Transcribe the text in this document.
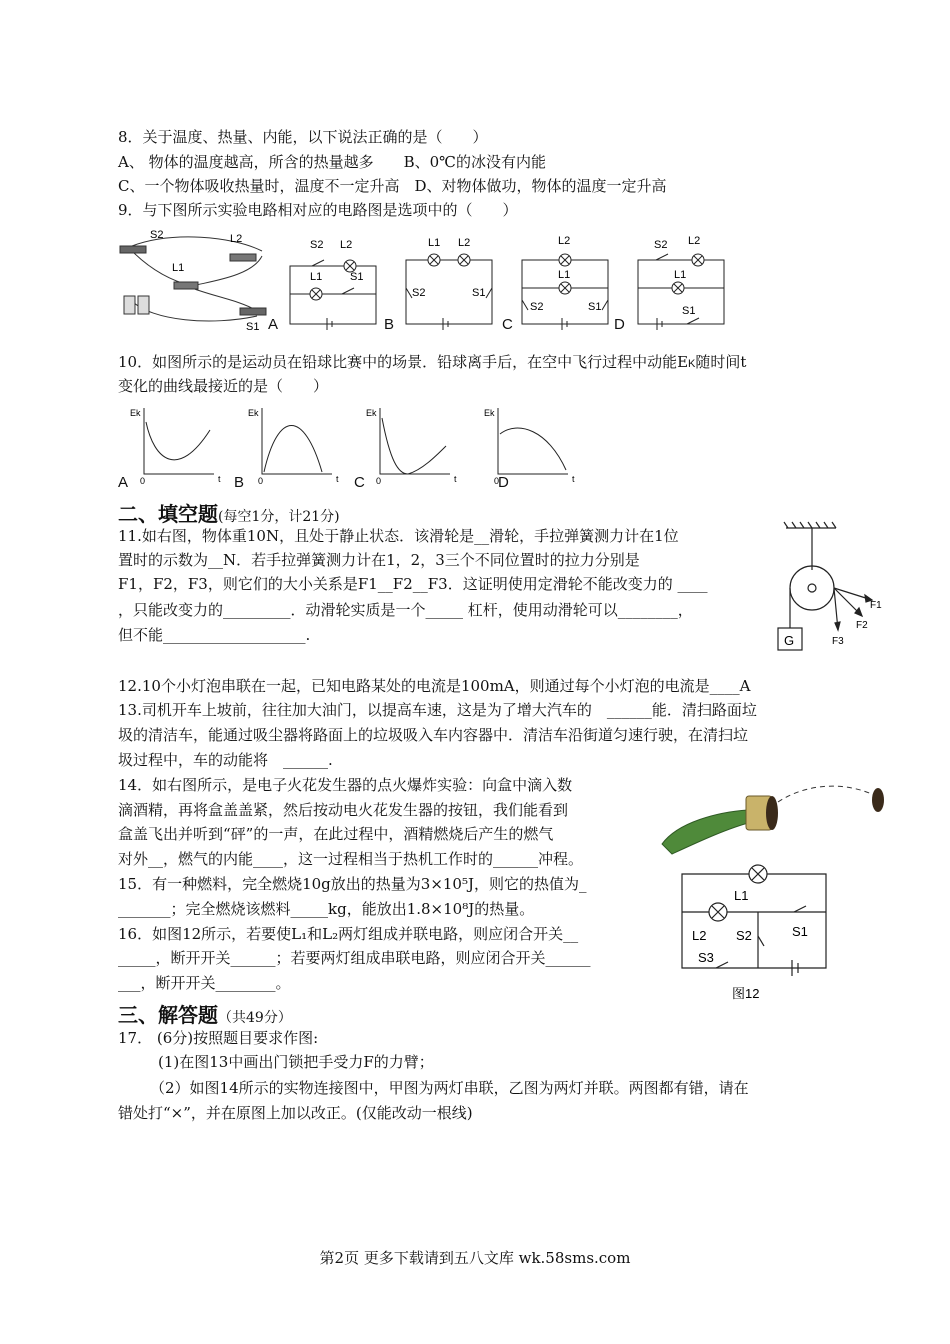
8．关于温度、热量、内能，以下说法正确的是（　　）
A、 物体的温度越高，所含的热量越多　　B、0℃的冰没有内能
C、一个物体吸收热量时，温度不一定升高　D、对物体做功，物体的温度一定升高
9．与下图所示实验电路相对应的电路图是选项中的（　　）
S2	L2
L1
S1
S2 L2
L1	S1
L1 L2
S2	S1
L2
L1
S2	S1
S2 L2
L1
S1
A	B	C	D
10．如图所示的是运动员在铅球比赛中的场景．铅球离手后，在空中飞行过程中动能EK随时间t
变化的曲线最接近的是（　　）
Ek
t
0
Ek
t
0
Ek
t
0
Ek
t
0
A	B	C	D
二、填空题(每空1分，计21分)
11.如右图，物体重10N，且处于静止状态．该滑轮是__滑轮，手拉弹簧测力计在1位
置时的示数为__N．若手拉弹簧测力计在1，2，3三个不同位置时的拉力分别是
F1，F2，F3，则它们的大小关系是F1__F2__F3．这证明使用定滑轮不能改变力的 ____
，只能改变力的_________．动滑轮实质是一个_____ 杠杆，使用动滑轮可以________，
但不能___________________.	G
F1
F2
F3
12.10个小灯泡串联在一起，已知电路某处的电流是100mA，则通过每个小灯泡的电流是____A
13.司机开车上坡前，往往加大油门，以提高车速，这是为了增大汽车的　______能．清扫路面垃
圾的清洁车，能通过吸尘器将路面上的垃圾吸入车内容器中．清洁车沿街道匀速行驶，在清扫垃
圾过程中，车的动能将　______.
14．如右图所示，是电子火花发生器的点火爆炸实验：向盒中滴入数
滴酒精，再将盒盖盖紧，然后按动电火花发生器的按钮，我们能看到
盒盖飞出并听到“砰”的一声，在此过程中，酒精燃烧后产生的燃气
对外__，燃气的内能____，这一过程相当于热机工作时的______冲程。
15．有一种燃料，完全燃烧10g放出的热量为3×10⁵J，则它的热值为_
_______；完全燃烧该燃料_____kg，能放出1.8×10⁸J的热量。
16．如图12所示，若要使L₁和L₂两灯组成并联电路，则应闭合开关__
_____，断开开关______；若要两灯组成串联电路，则应闭合开关______
___，断开开关________。
L1
L2 S2	S1
S3
图12
三、解答题（共49分）
17． (6分)按照题目要求作图:
(1)在图13中画出门锁把手受力F的力臂；
（2）如图14所示的实物连接图中，甲图为两灯串联，乙图为两灯并联。两图都有错，请在
错处打“×”，并在原图上加以改正。(仅能改动一根线)
第2页 更多下载请到五八文库 wk.58sms.com
